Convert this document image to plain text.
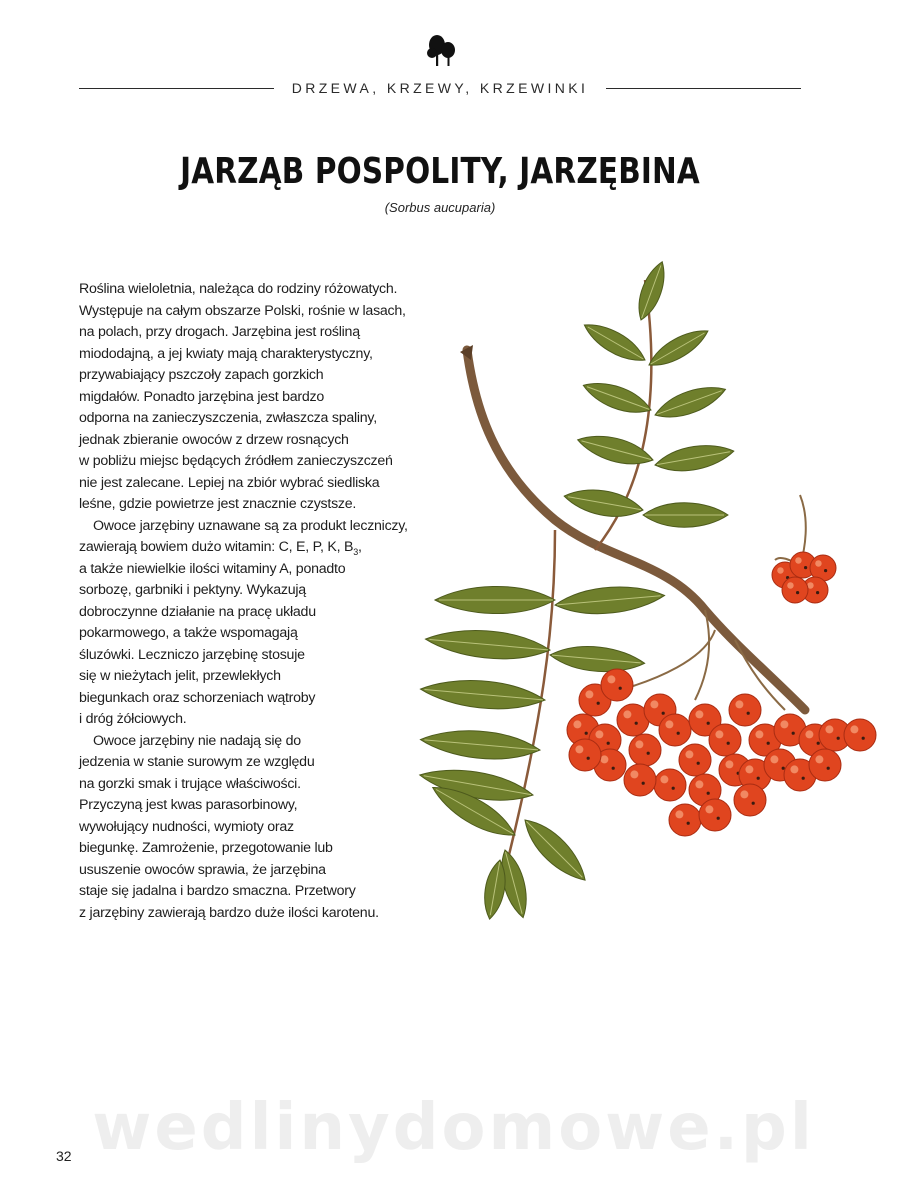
DRZEWA, KRZEWY, KRZEWINKI
JARZĄB POSPOLITY, JARZĘBINA
(Sorbus aucuparia)
Roślina wieloletnia, należąca do rodziny różowatych.
Występuje na całym obszarze Polski, rośnie w lasach,
na polach, przy drogach. Jarzębina jest rośliną
miododajną, a jej kwiaty mają charakterystyczny,
przywabiający pszczoły zapach gorzkich
migdałów. Ponadto jarzębina jest bardzo
odporna na zanieczyszczenia, zwłaszcza spaliny,
jednak zbieranie owoców z drzew rosnących
w pobliżu miejsc będących źródłem zanieczyszczeń
nie jest zalecane. Lepiej na zbiór wybrać siedliska
leśne, gdzie powietrze jest znacznie czystsze.
Owoce jarzębiny uznawane są za produkt leczniczy,
zawierają bowiem dużo witamin: C, E, P, K, $B_3$,
a także niewielkie ilości witaminy A, ponadto
sorbozę, garbniki i pektyny. Wykazują
dobroczynne działanie na pracę układu
pokarmowego, a także wspomagają
śluzówki. Leczniczo jarzębinę stosuje
się w nieżytach jelit, przewlekłych
biegunkach oraz schorzeniach wątroby
i dróg żółciowych.
Owoce jarzębiny nie nadają się do
jedzenia w stanie surowym ze względu
na gorzki smak i trujące właściwości.
Przyczyną jest kwas parasorbinowy,
wywołujący nudności, wymioty oraz
biegunkę. Zamrożenie, przegotowanie lub
ususzenie owoców sprawia, że jarzębina
staje się jadalna i bardzo smaczna. Przetwory
z jarzębiny zawierają bardzo duże ilości karotenu.
wedlinydomowe.pl
32
